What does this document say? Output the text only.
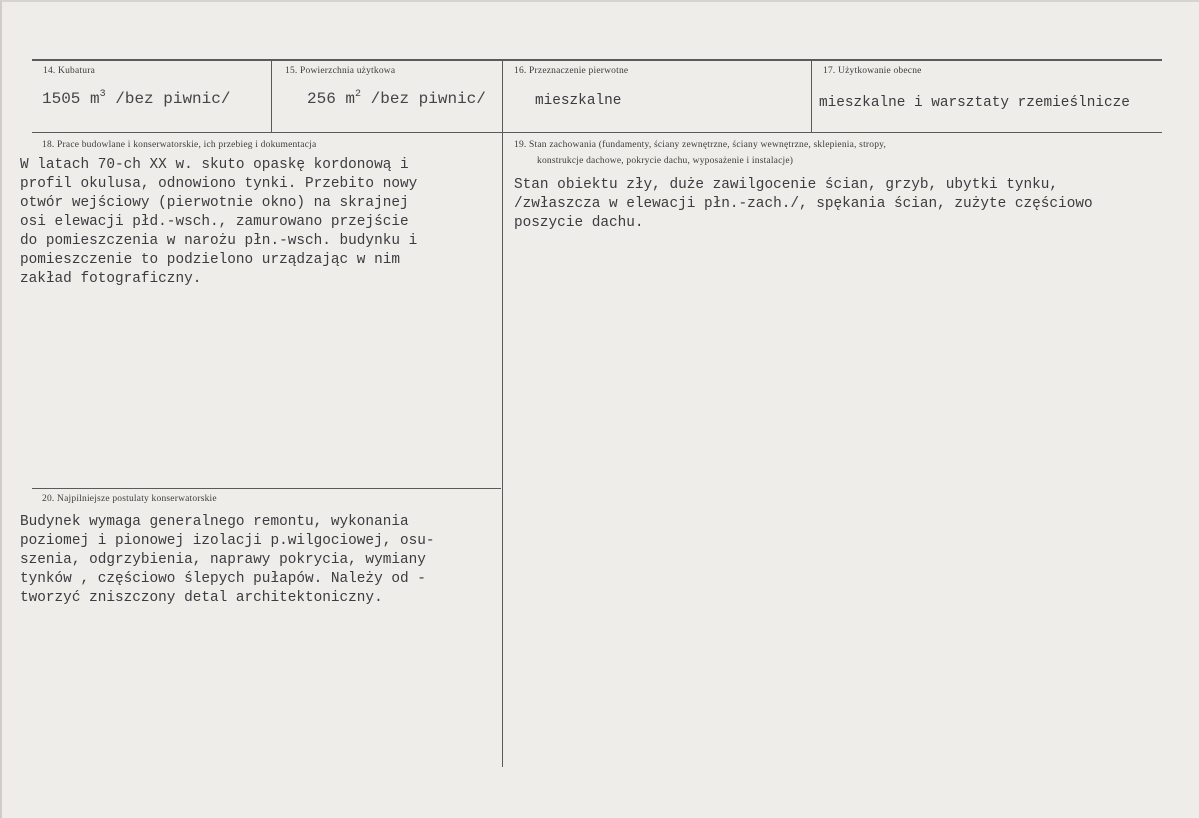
14. Kubatura
1505 $m^3$ /bez piwnic/
15. Powierzchnia użytkowa
256 $m^2$ /bez piwnic/
16. Przeznaczenie pierwotne
mieszkalne
17. Użytkowanie obecne
mieszkalne i warsztaty rzemieślnicze
18. Prace budowlane i konserwatorskie, ich przebieg i dokumentacja
W latach 70-ch XX w. skuto opaskę kordonową i
profil okulusa, odnowiono tynki. Przebito nowy
otwór wejściowy (pierwotnie okno) na skrajnej
osi elewacji płd.-wsch., zamurowano przejście
do pomieszczenia w narożu płn.-wsch. budynku i
pomieszczenie to podzielono urządzając w nim
zakład fotograficzny.
19. Stan zachowania (fundamenty, ściany zewnętrzne, ściany wewnętrzne, sklepienia, stropy,
konstrukcje dachowe, pokrycie dachu, wyposażenie i instalacje)
Stan obiektu zły, duże zawilgocenie ścian, grzyb, ubytki tynku,
/zwłaszcza w elewacji płn.-zach./, spękania ścian, zużyte częściowo
poszycie dachu.
20. Najpilniejsze postulaty konserwatorskie
Budynek wymaga generalnego remontu, wykonania
poziomej i pionowej izolacji p.wilgociowej, osu-
szenia, odgrzybienia, naprawy pokrycia, wymiany
tynków , częściowo ślepych pułapów. Należy od -
tworzyć zniszczony detal architektoniczny.
